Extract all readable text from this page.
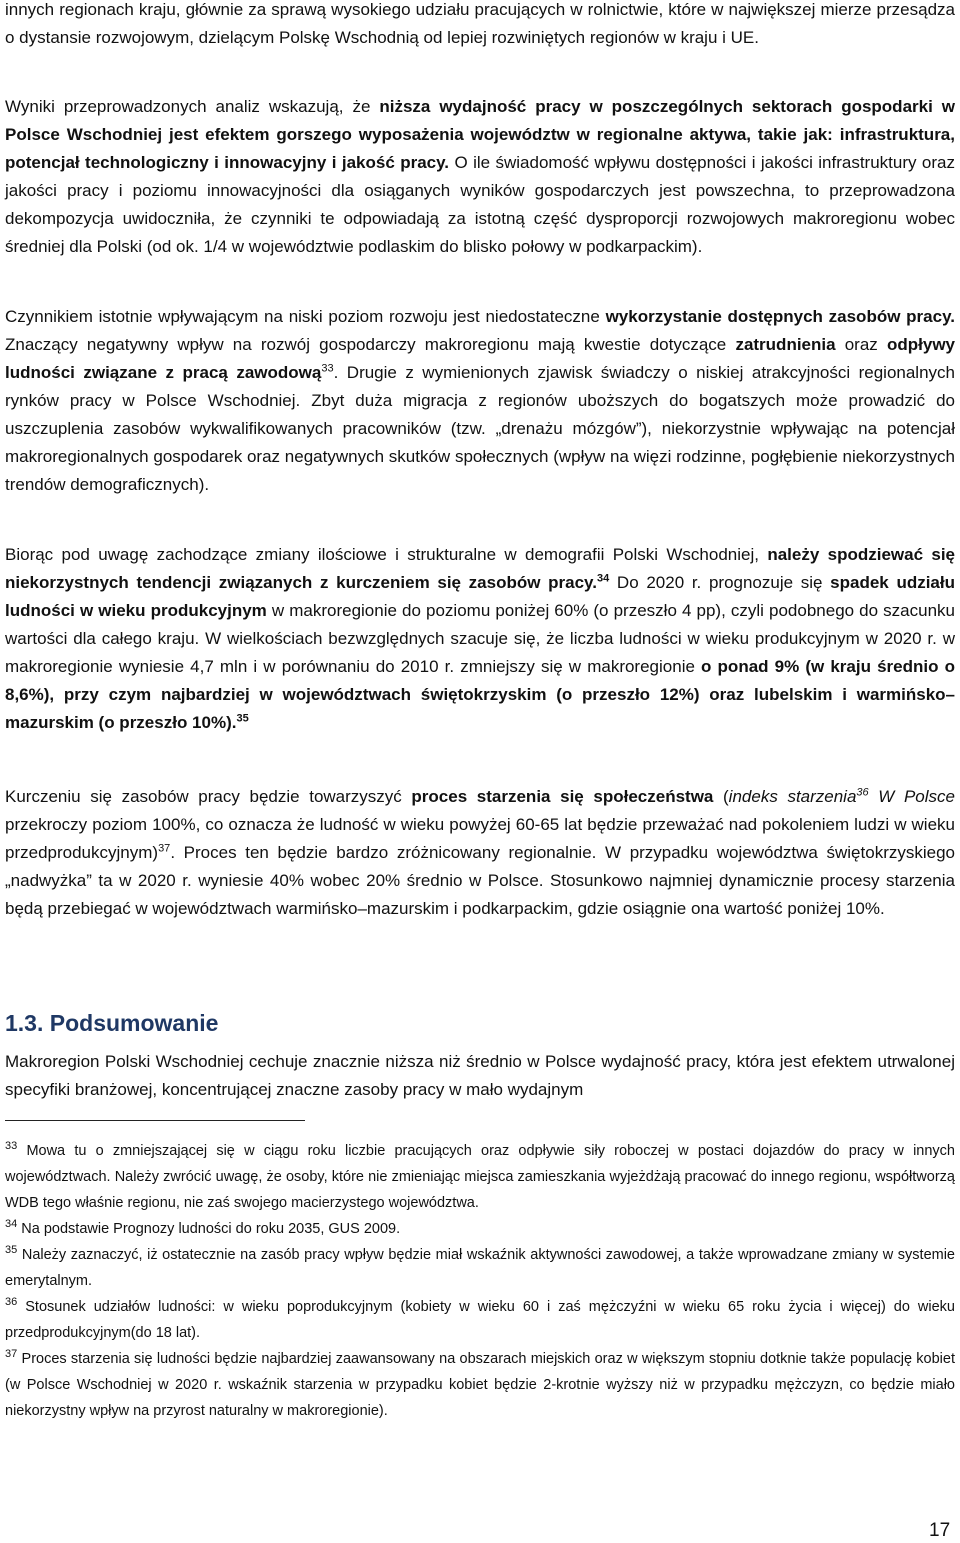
innych regionach kraju, głównie za sprawą wysokiego udziału pracujących w rolnictwie, które w największej mierze przesądza o dystansie rozwojowym, dzielącym Polskę Wschodnią od lepiej rozwiniętych regionów w kraju i UE.

Wyniki przeprowadzonych analiz wskazują, że niższa wydajność pracy w poszczególnych sektorach gospodarki w Polsce Wschodniej jest efektem gorszego wyposażenia województw w regionalne aktywa, takie jak: infrastruktura, potencjał technologiczny i innowacyjny i jakość pracy. O ile świadomość wpływu dostępności i jakości infrastruktury oraz jakości pracy i poziomu innowacyjności dla osiąganych wyników gospodarczych jest powszechna, to przeprowadzona dekompozycja uwidoczniła, że czynniki te odpowiadają za istotną część dysproporcji rozwojowych makroregionu wobec średniej dla Polski (od ok. 1/4 w województwie podlaskim do blisko połowy w podkarpackim).

Czynnikiem istotnie wpływającym na niski poziom rozwoju jest niedostateczne wykorzystanie dostępnych zasobów pracy. Znaczący negatywny wpływ na rozwój gospodarczy makroregionu mają kwestie dotyczące zatrudnienia oraz odpływy ludności związane z pracą zawodową$^{33}$. Drugie z wymienionych zjawisk świadczy o niskiej atrakcyjności regionalnych rynków pracy w Polsce Wschodniej. Zbyt duża migracja z regionów uboższych do bogatszych może prowadzić do uszczuplenia zasobów wykwalifikowanych pracowników (tzw. „drenażu mózgów”), niekorzystnie wpływając na potencjał makroregionalnych gospodarek oraz negatywnych skutków społecznych (wpływ na więzi rodzinne, pogłębienie niekorzystnych trendów demograficznych).

Biorąc pod uwagę zachodzące zmiany ilościowe i strukturalne w demografii Polski Wschodniej, należy spodziewać się niekorzystnych tendencji związanych z kurczeniem się zasobów pracy.$^{34}$ Do 2020 r. prognozuje się spadek udziału ludności w wieku produkcyjnym w makroregionie do poziomu poniżej 60% (o przeszło 4 pp), czyli podobnego do szacunku wartości dla całego kraju. W wielkościach bezwzględnych szacuje się, że liczba ludności w wieku produkcyjnym w 2020 r. w makroregionie wyniesie 4,7 mln i w porównaniu do 2010 r. zmniejszy się w makroregionie o ponad 9% (w kraju średnio o 8,6%), przy czym najbardziej w województwach świętokrzyskim (o przeszło 12%) oraz lubelskim i warmińsko–mazurskim (o przeszło 10%).$^{35}$

Kurczeniu się zasobów pracy będzie towarzyszyć proces starzenia się społeczeństwa (indeks starzenia$^{36}$ W Polsce przekroczy poziom 100%, co oznacza że ludność w wieku powyżej 60-65 lat będzie przeważać nad pokoleniem ludzi w wieku przedprodukcyjnym)$^{37}$. Proces ten będzie bardzo zróżnicowany regionalnie. W przypadku województwa świętokrzyskiego „nadwyżka” ta w 2020 r. wyniesie 40% wobec 20% średnio w Polsce. Stosunkowo najmniej dynamicznie procesy starzenia będą przebiegać w województwach warmińsko–mazurskim i podkarpackim, gdzie osiągnie ona wartość poniżej 10%.

1.3. Podsumowanie

Makroregion Polski Wschodniej cechuje znacznie niższa niż średnio w Polsce wydajność pracy, która jest efektem utrwalonej specyfiki branżowej, koncentrującej znaczne zasoby pracy w mało wydajnym

$^{33}$ Mowa tu o zmniejszającej się w ciągu roku liczbie pracujących oraz odpływie siły roboczej w postaci dojazdów do pracy w innych województwach. Należy zwrócić uwagę, że osoby, które nie zmieniając miejsca zamieszkania wyjeżdżają pracować do innego regionu, współtworzą WDB tego właśnie regionu, nie zaś swojego macierzystego województwa.

$^{34}$ Na podstawie Prognozy ludności do roku 2035, GUS 2009.

$^{35}$ Należy zaznaczyć, iż ostatecznie na zasób pracy wpływ będzie miał wskaźnik aktywności zawodowej, a także wprowadzane zmiany w systemie emerytalnym.

$^{36}$ Stosunek udziałów ludności: w wieku poprodukcyjnym (kobiety w wieku 60 i zaś mężczyźni w wieku 65 roku życia i więcej) do wieku przedprodukcyjnym(do 18 lat).

$^{37}$ Proces starzenia się ludności będzie najbardziej zaawansowany na obszarach miejskich oraz w większym stopniu dotknie także populację kobiet (w Polsce Wschodniej w 2020 r. wskaźnik starzenia w przypadku kobiet będzie 2-krotnie wyższy niż w przypadku mężczyzn, co będzie miało niekorzystny wpływ na przyrost naturalny w makroregionie).

17
